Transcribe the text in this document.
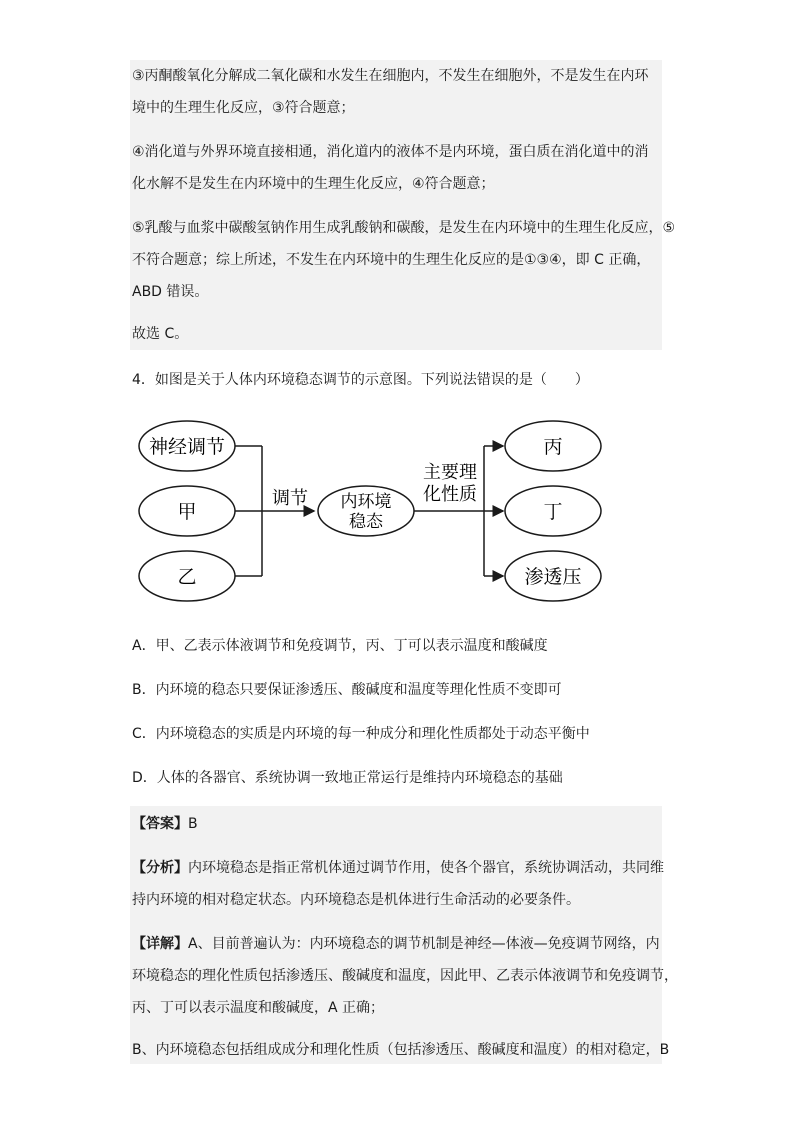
③丙酮酸氧化分解成二氧化碳和水发生在细胞内，不发生在细胞外，不是发生在内环
境中的生理生化反应，③符合题意；
④消化道与外界环境直接相通，消化道内的液体不是内环境，蛋白质在消化道中的消
化水解不是发生在内环境中的生理生化反应，④符合题意；
⑤乳酸与血浆中碳酸氢钠作用生成乳酸钠和碳酸，是发生在内环境中的生理生化反应，⑤
不符合题意；综上所述，不发生在内环境中的生理生化反应的是①③④，即 C 正确，
ABD 错误。
故选 C。
4．如图是关于人体内环境稳态调节的示意图。下列说法错误的是（　　）
神经调节
甲
乙
调节 内环境
稳态
主要理
化性质
丙
丁
渗透压
A．甲、乙表示体液调节和免疫调节，丙、丁可以表示温度和酸碱度
B．内环境的稳态只要保证渗透压、酸碱度和温度等理化性质不变即可
C．内环境稳态的实质是内环境的每一种成分和理化性质都处于动态平衡中
D．人体的各器官、系统协调一致地正常运行是维持内环境稳态的基础
【答案】B
【分析】内环境稳态是指正常机体通过调节作用，使各个器官，系统协调活动，共同维
持内环境的相对稳定状态。内环境稳态是机体进行生命活动的必要条件。
【详解】A、目前普遍认为：内环境稳态的调节机制是神经—体液—免疫调节网络，内
环境稳态的理化性质包括渗透压、酸碱度和温度，因此甲、乙表示体液调节和免疫调节，
丙、丁可以表示温度和酸碱度，A 正确；
B、内环境稳态包括组成成分和理化性质（包括渗透压、酸碱度和温度）的相对稳定，B
